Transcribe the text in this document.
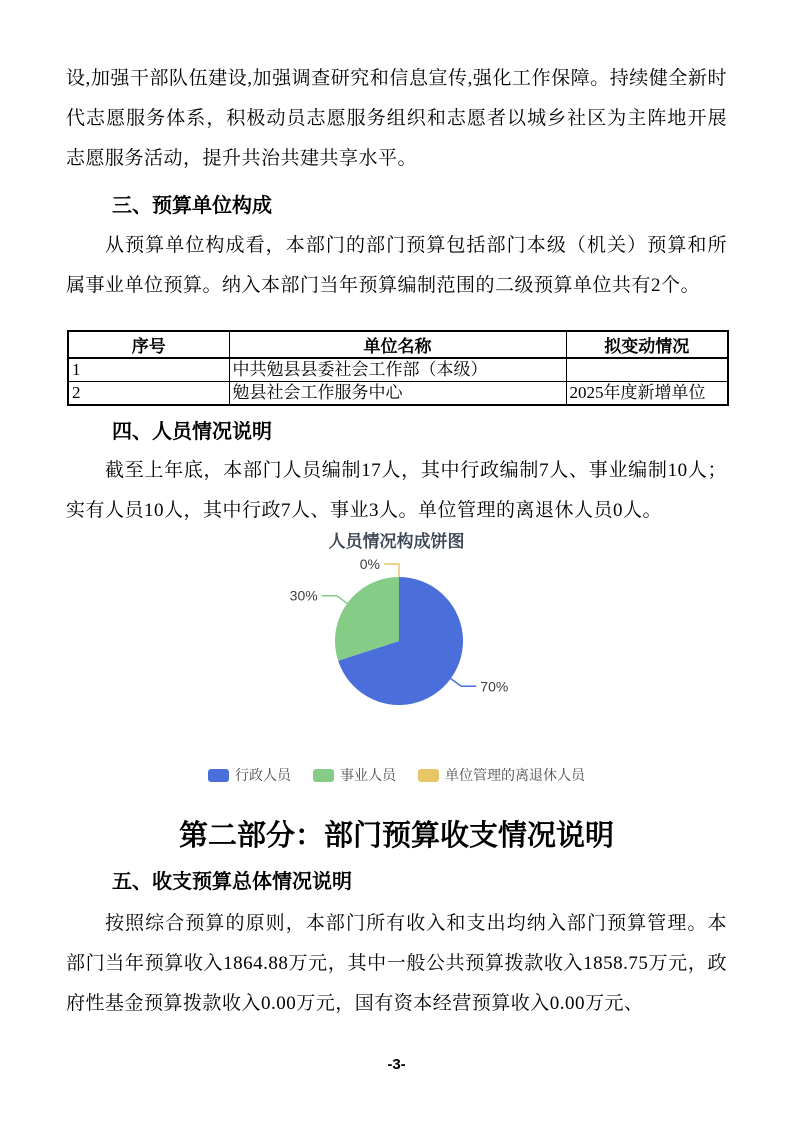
设,加强干部队伍建设,加强调查研究和信息宣传,强化工作保障。持续健全新时代志愿服务体系，积极动员志愿服务组织和志愿者以城乡社区为主阵地开展志愿服务活动，提升共治共建共享水平。

三、预算单位构成

从预算单位构成看，本部门的部门预算包括部门本级（机关）预算和所属事业单位预算。纳入本部门当年预算编制范围的二级预算单位共有2个。

序号	单位名称	拟变动情况
1	中共勉县县委社会工作部（本级）	
2	勉县社会工作服务中心	2025年度新增单位
四、人员情况说明

截至上年底，本部门人员编制17人，其中行政编制7人、事业编制10人；实有人员10人，其中行政7人、事业3人。单位管理的离退休人员0人。

人员情况构成饼图
70%
30%
0%
行政人员	事业人员	单位管理的离退休人员
第二部分：部门预算收支情况说明
五、收支预算总体情况说明

按照综合预算的原则，本部门所有收入和支出均纳入部门预算管理。本部门当年预算收入1864.88万元，其中一般公共预算拨款收入1858.75万元，政府性基金预算拨款收入0.00万元，国有资本经营预算收入0.00万元、

-3-
